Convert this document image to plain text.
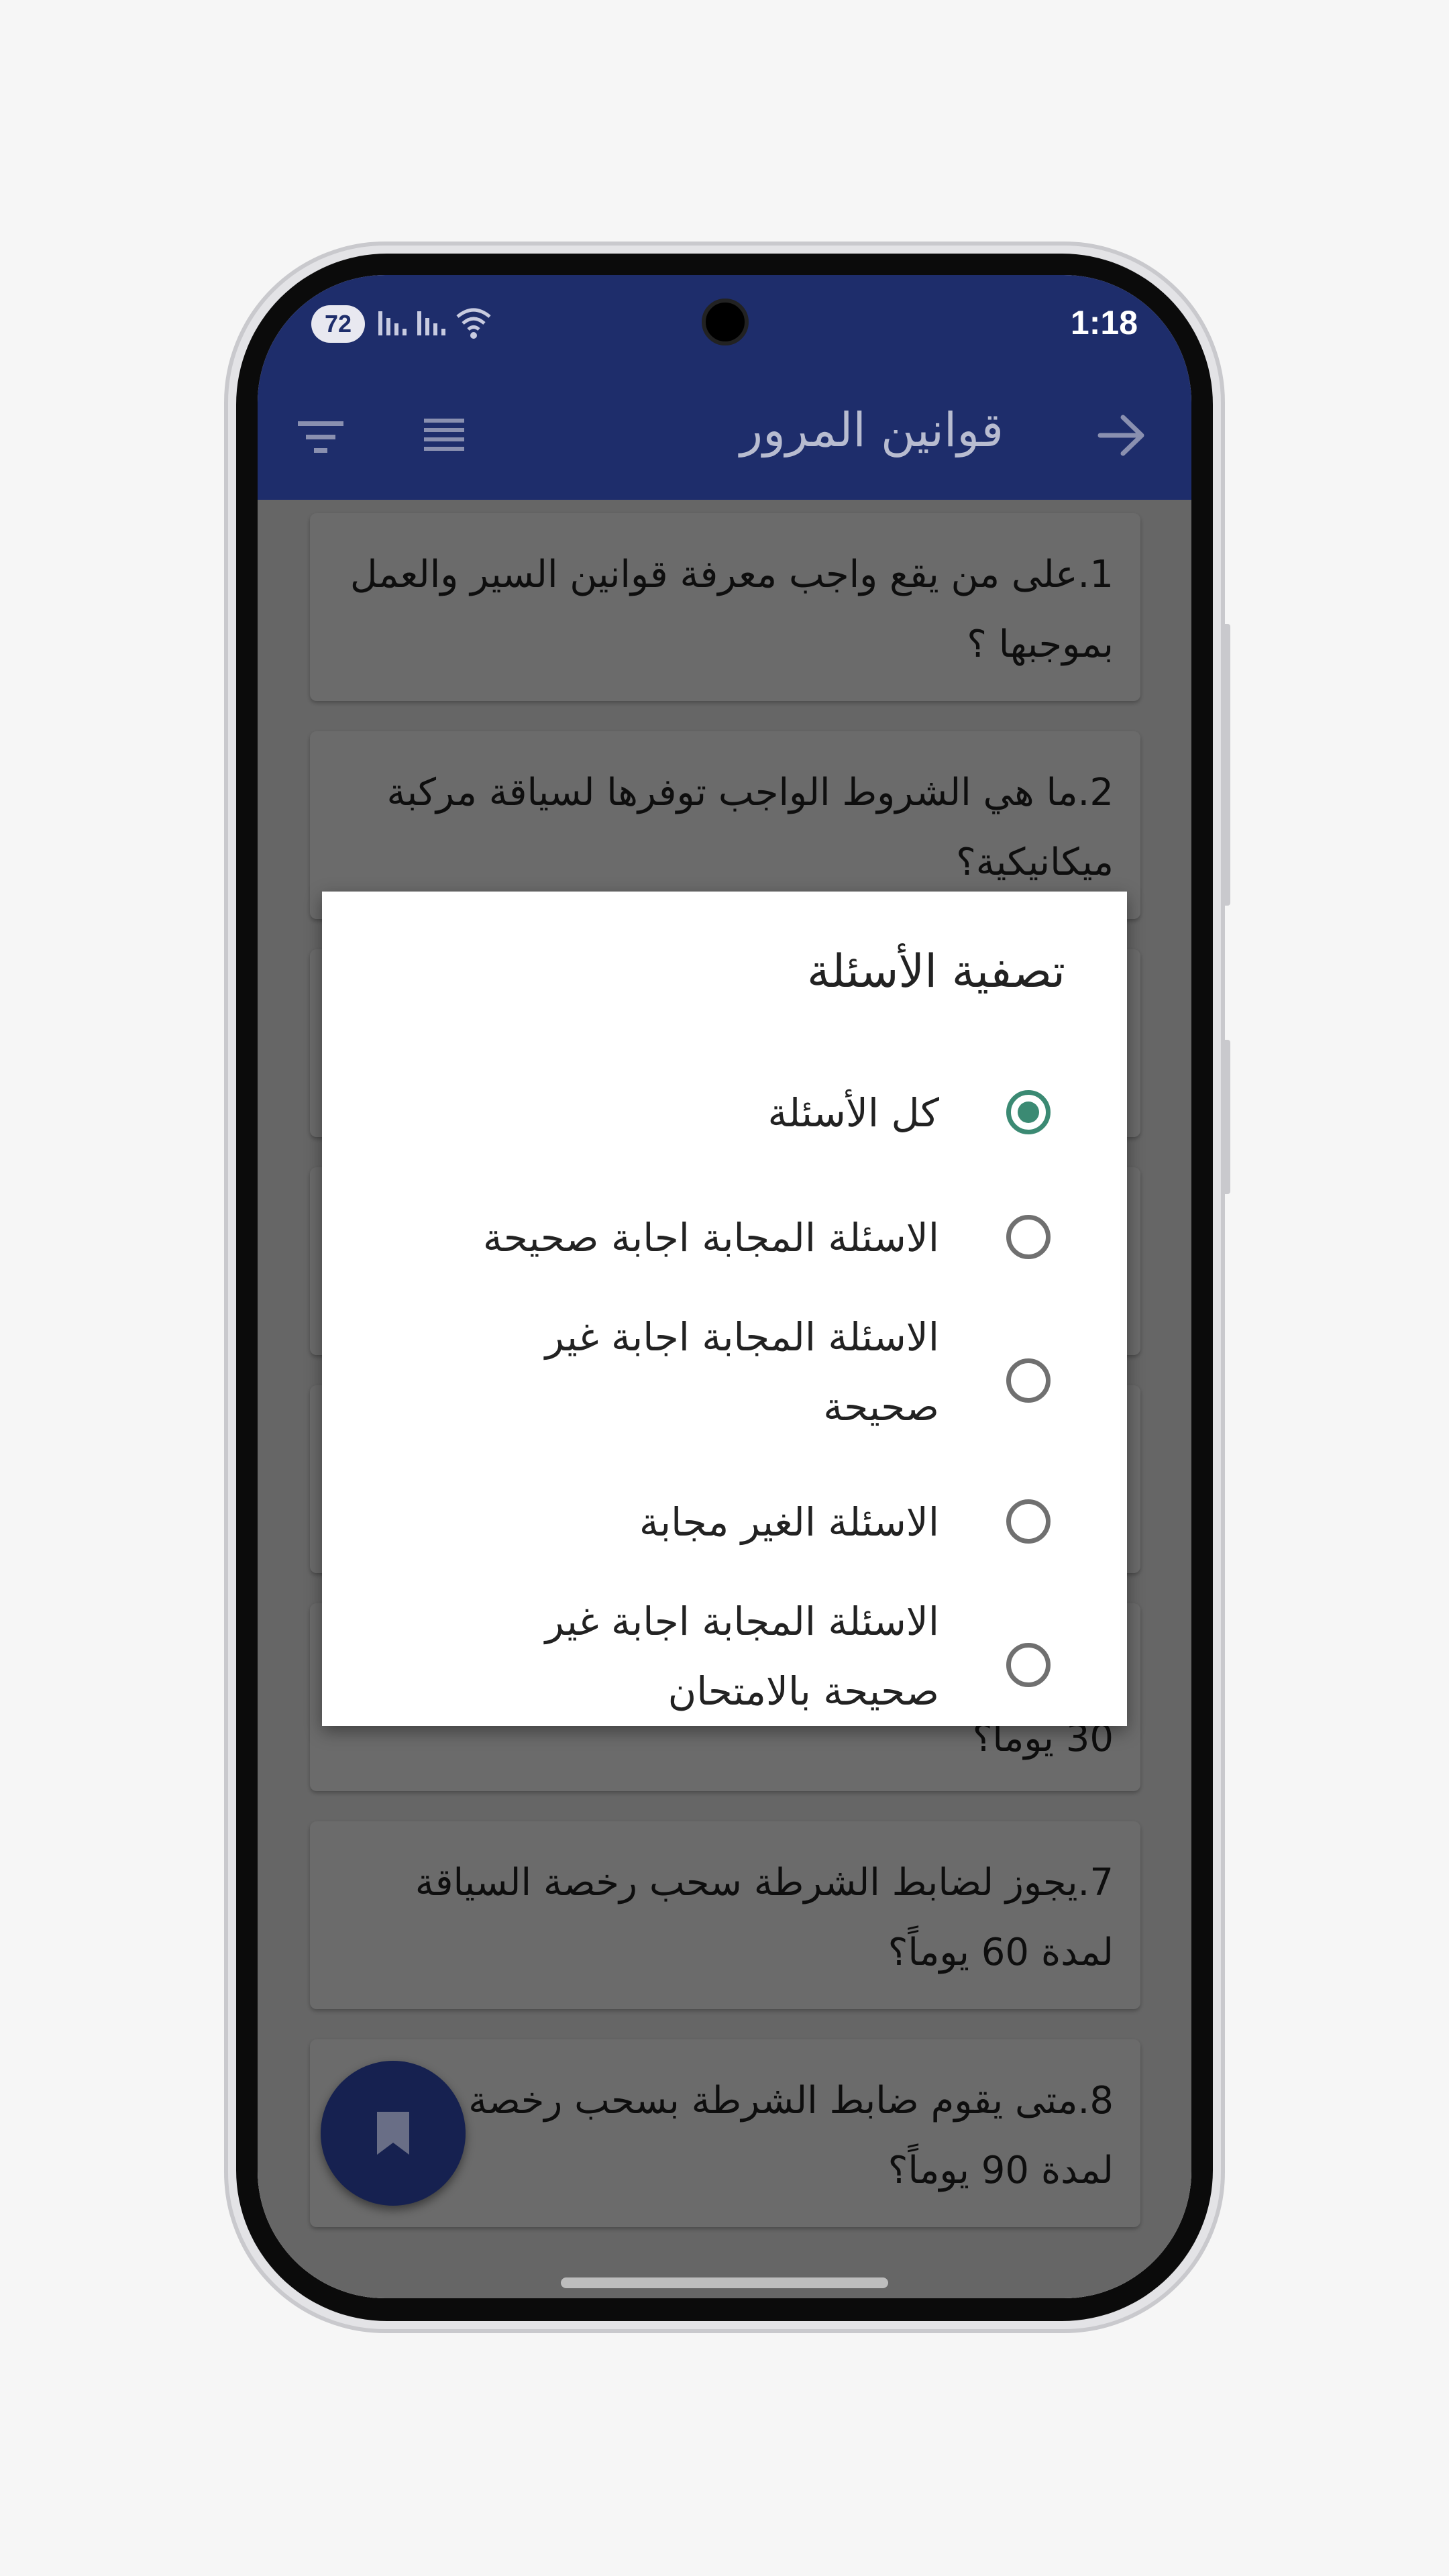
72	1:18
قوانين المرور
تصفية الأسئلة
كل الأسئلة
الاسئلة المجابة اجابة صحيحة
الاسئلة المجابة اجابة غير صحيحة
الاسئلة الغير مجابة
الاسئلة المجابة اجابة غير صحيحة بالامتحان
